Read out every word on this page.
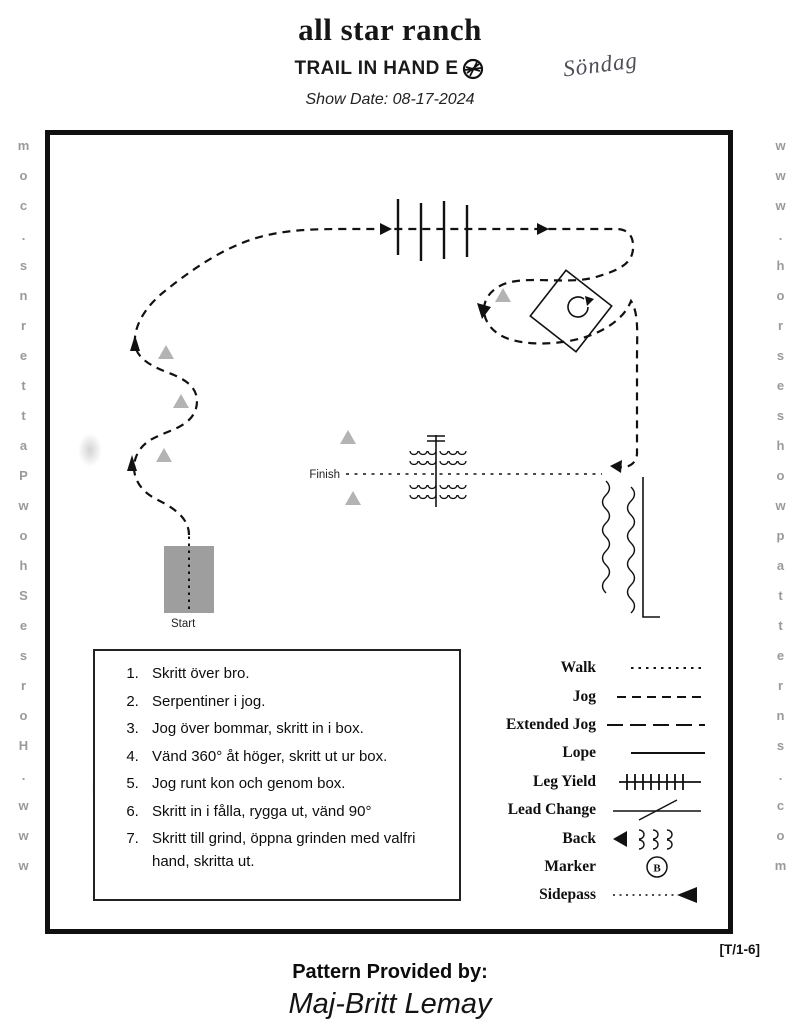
all star ranch
TRAIL IN HAND E	Söndag
Show Date: 08-17-2024
moc.snrettaPwohSesroH.www	www.horseshowpatterns.com
Start
Finish
1. Skritt över bro.
2. Serpentiner i jog.
3. Jog över bommar, skritt in i box.
4. Vänd 360° åt höger, skritt ut ur box.
5. Jog runt kon och genom box.
6. Skritt in i fålla, rygga ut, vänd 90°
7. Skritt till grind, öppna grinden med valfri hand, skritta ut.
Walk
Jog
Extended Jog
Lope
Leg Yield
Lead Change
Back
Marker	B
Sidepass
[T/1-6]
Pattern Provided by:
Maj-Britt Lemay
